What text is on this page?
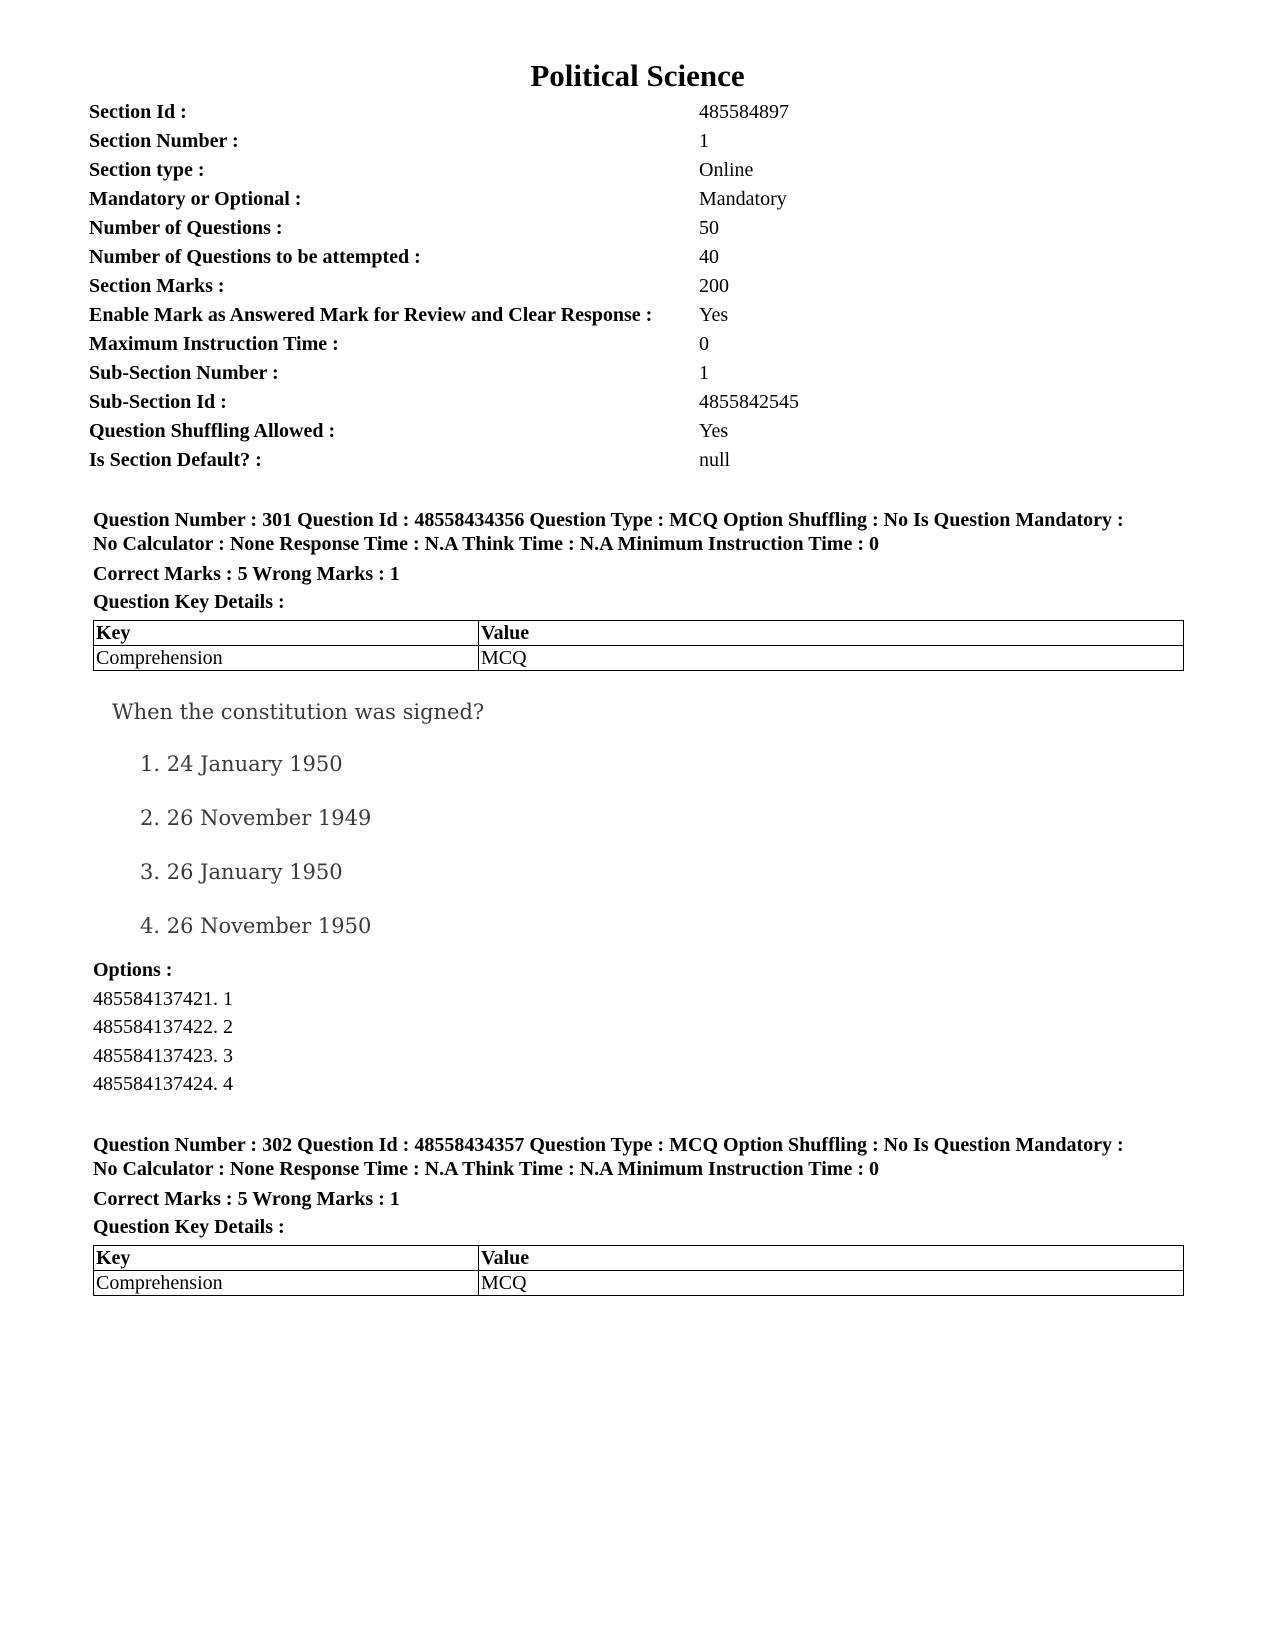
Political Science
Section Id :	485584897
Section Number :	1
Section type :	Online
Mandatory or Optional :	Mandatory
Number of Questions :	50
Number of Questions to be attempted :	40
Section Marks :	200
Enable Mark as Answered Mark for Review and Clear Response : Yes
Maximum Instruction Time :	0
Sub-Section Number :	1
Sub-Section Id :	4855842545
Question Shuffling Allowed :	Yes
Is Section Default? :	null
Question Number : 301 Question Id : 48558434356 Question Type : MCQ Option Shuffling : No Is Question Mandatory :
No Calculator : None Response Time : N.A Think Time : N.A Minimum Instruction Time : 0
Correct Marks : 5 Wrong Marks : 1
Question Key Details :
Key	Value
Comprehension	MCQ
When the constitution was signed?
1. 24 January 1950
2. 26 November 1949
3. 26 January 1950
4. 26 November 1950
Options :
485584137421. 1
485584137422. 2
485584137423. 3
485584137424. 4
Question Number : 302 Question Id : 48558434357 Question Type : MCQ Option Shuffling : No Is Question Mandatory :
No Calculator : None Response Time : N.A Think Time : N.A Minimum Instruction Time : 0
Correct Marks : 5 Wrong Marks : 1
Question Key Details :
Key	Value
Comprehension	MCQ
